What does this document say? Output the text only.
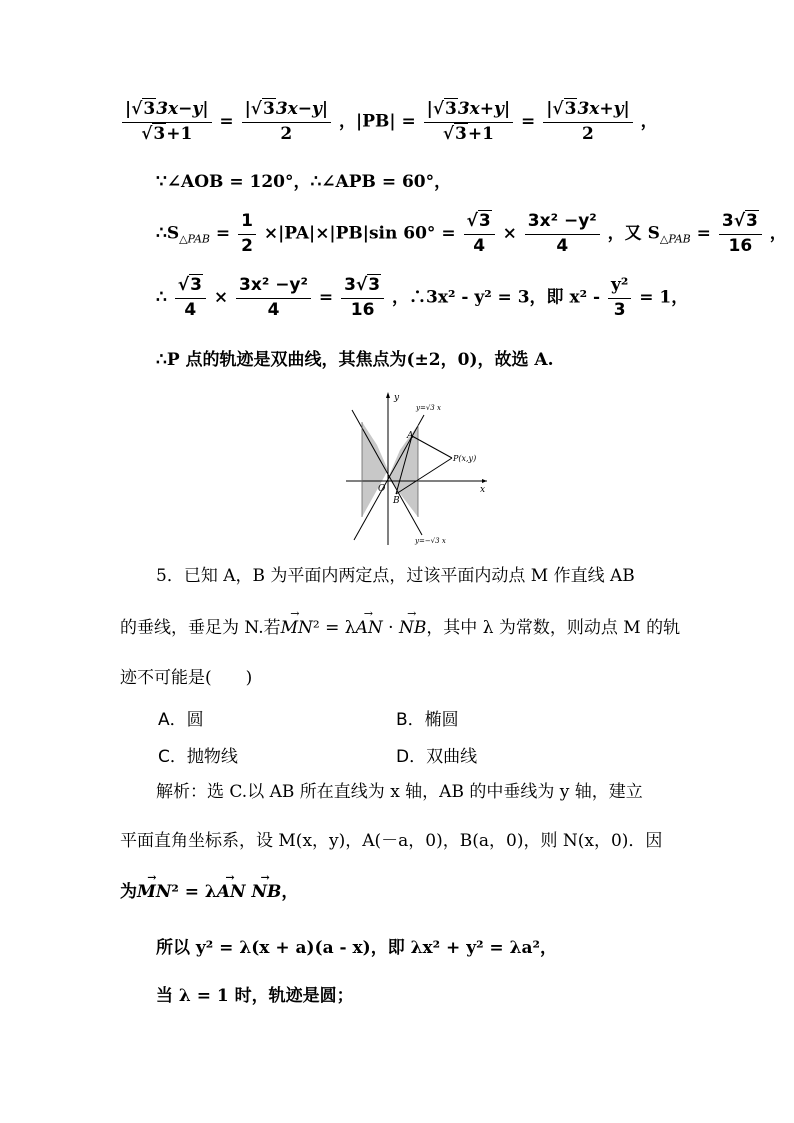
$\frac{|√33x-y|}{√3+1} = \frac{|√33x-y|}{2}$ ，$|PB| = \frac{|√33x+y|}{√3+1} = \frac{|√33x+y|}{2}$ ，
∵∠AOB = 120°，∴∠APB = 60°，
$\therefore S_{\triangle PAB} = \frac{1}{2} \times|PA|\times|PB|\sin$ $60^\circ = \frac{√3}{4} \times \frac{\text{3x² −y²}}{4}$ ，又 $S_{\triangle PAB} = \frac{3√3}{16}$ ，
∴ $\frac{√3}{4} \times \frac{\text{3x² −y²}}{4} = \frac{3√3}{16}$ ，∴3x² - y² = 3，即 $x^2 - \frac{\text{y²}}{3} = 1$，
∴P 点的轨迹是双曲线，其焦点为(±2，0)，故选 A.
y
x
O
A
B
P(x,y)
y=√3 x
y=−√3 x
5．已知 A，B 为平面内两定点，过该平面内动点 M 作直线 AB
的垂线，垂足为 N.若→ MN² = λ→ AN · → NB，其中 λ 为常数，则动点 M 的轨
迹不可能是(　　)
A．圆	B．椭圆
C．抛物线	D．双曲线
解析：选 C.以 AB 所在直线为 x 轴，AB 的中垂线为 y 轴，建立
平面直角坐标系，设 M(x，y)，A(－a，0)，B(a，0)，则 N(x，0)．因
为→ MN² = λ→ AN → NB，
所以 y² = λ(x + a)(a - x)，即 λx² + y² = λa²，
当 λ = 1 时，轨迹是圆；
